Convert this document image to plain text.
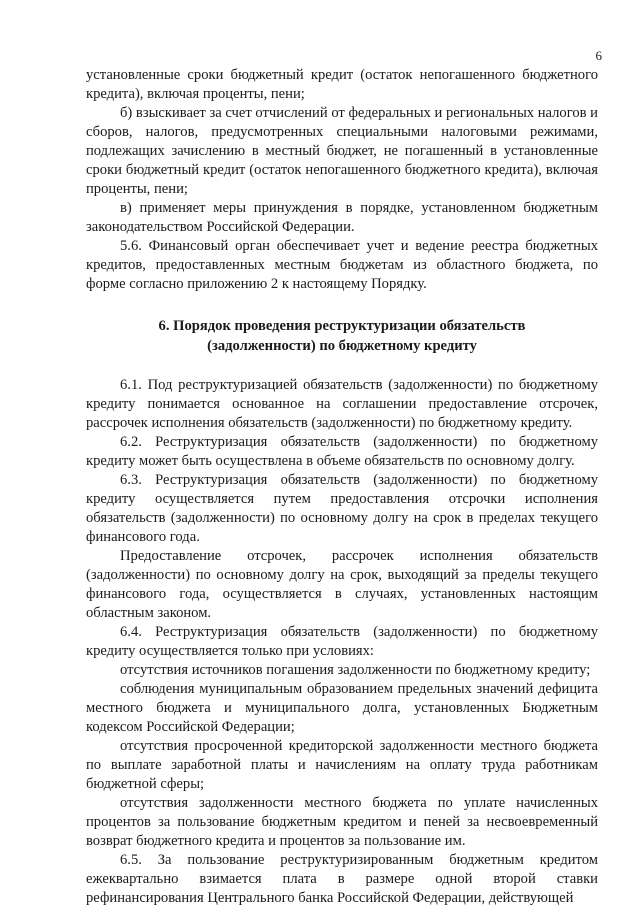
6

установленные сроки бюджетный кредит (остаток непогашенного бюджетного кредита), включая проценты, пени;

б) взыскивает за счет отчислений от федеральных и региональных налогов и сборов, налогов, предусмотренных специальными налоговыми режимами, подлежащих зачислению в местный бюджет, не погашенный в установленные сроки бюджетный кредит (остаток непогашенного бюджетного кредита), включая проценты, пени;

в) применяет меры принуждения в порядке, установленном бюджетным законодательством Российской Федерации.

5.6. Финансовый орган обеспечивает учет и ведение реестра бюджетных кредитов, предоставленных местным бюджетам из областного бюджета, по форме согласно приложению 2 к настоящему Порядку.

6. Порядок проведения реструктуризации обязательств
(задолженности) по бюджетному кредиту

6.1. Под реструктуризацией обязательств (задолженности) по бюджетному кредиту понимается основанное на соглашении предоставление отсрочек, рассрочек исполнения обязательств (задолженности) по бюджетному кредиту.

6.2. Реструктуризация обязательств (задолженности) по бюджетному кредиту может быть осуществлена в объеме обязательств по основному долгу.

6.3. Реструктуризация обязательств (задолженности) по бюджетному кредиту осуществляется путем предоставления отсрочки исполнения обязательств (задолженности) по основному долгу на срок в пределах текущего финансового года.

Предоставление отсрочек, рассрочек исполнения обязательств (задолженности) по основному долгу на срок, выходящий за пределы текущего финансового года, осуществляется в случаях, установленных настоящим областным законом.

6.4. Реструктуризация обязательств (задолженности) по бюджетному кредиту осуществляется только при условиях:

отсутствия источников погашения задолженности по бюджетному кредиту;

соблюдения муниципальным образованием предельных значений дефицита местного бюджета и муниципального долга, установленных Бюджетным кодексом Российской Федерации;

отсутствия просроченной кредиторской задолженности местного бюджета по выплате заработной платы и начислениям на оплату труда работникам бюджетной сферы;

отсутствия задолженности местного бюджета по уплате начисленных процентов за пользование бюджетным кредитом и пеней за несвоевременный возврат бюджетного кредита и процентов за пользование им.

6.5. За пользование реструктуризированным бюджетным кредитом ежеквартально взимается плата в размере одной второй ставки рефинансирования Центрального банка Российской Федерации, действующей
